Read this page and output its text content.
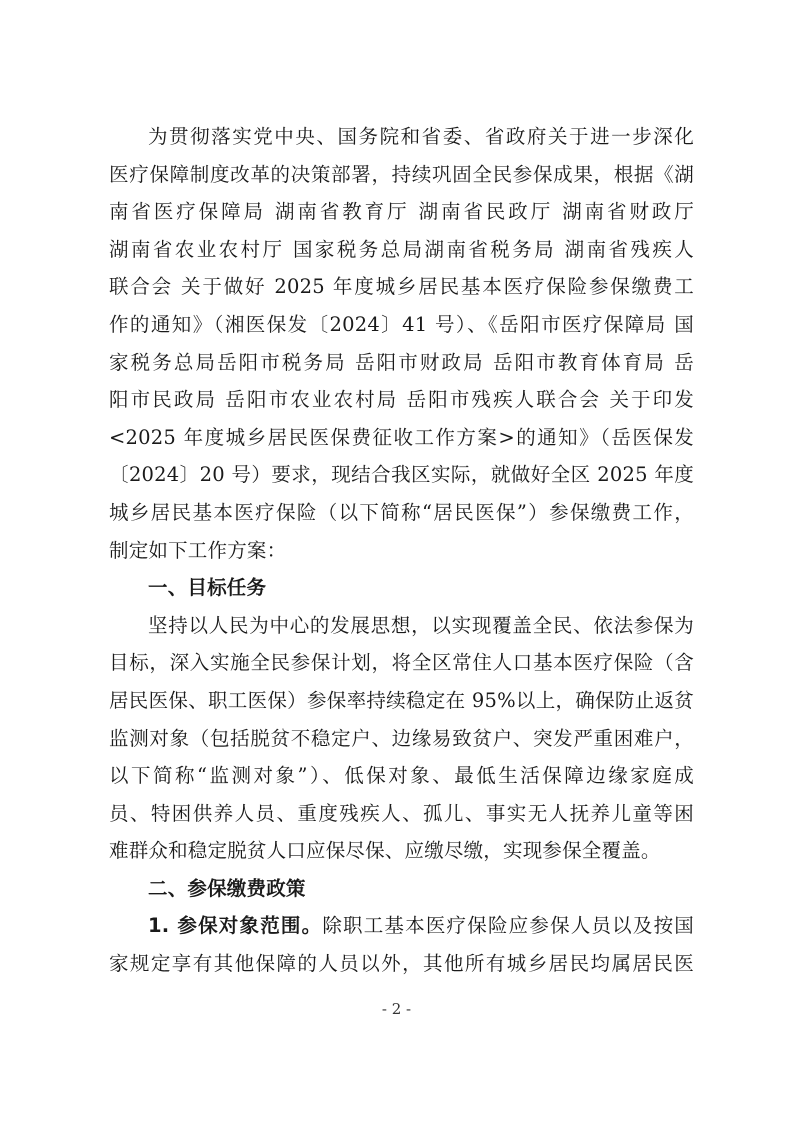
为贯彻落实党中央、国务院和省委、省政府关于进一步深化
医疗保障制度改革的决策部署，持续巩固全民参保成果，根据《湖
南省医疗保障局 湖南省教育厅 湖南省民政厅 湖南省财政厅
湖南省农业农村厅 国家税务总局湖南省税务局 湖南省残疾人
联合会 关于做好 2025 年度城乡居民基本医疗保险参保缴费工
作的通知》（湘医保发〔2024〕41 号）、《岳阳市医疗保障局 国
家税务总局岳阳市税务局 岳阳市财政局 岳阳市教育体育局 岳
阳市民政局 岳阳市农业农村局 岳阳市残疾人联合会 关于印发
<2025 年度城乡居民医保费征收工作方案>的通知》（岳医保发
〔2024〕20 号）要求，现结合我区实际，就做好全区 2025 年度
城乡居民基本医疗保险（以下简称“居民医保”）参保缴费工作，
制定如下工作方案：
一、目标任务
坚持以人民为中心的发展思想，以实现覆盖全民、依法参保为
目标，深入实施全民参保计划，将全区常住人口基本医疗保险（含
居民医保、职工医保）参保率持续稳定在 95%以上，确保防止返贫
监测对象（包括脱贫不稳定户、边缘易致贫户、突发严重困难户，
以下简称“监测对象”）、低保对象、最低生活保障边缘家庭成
员、特困供养人员、重度残疾人、孤儿、事实无人抚养儿童等困
难群众和稳定脱贫人口应保尽保、应缴尽缴，实现参保全覆盖。
二、参保缴费政策
1. 参保对象范围。除职工基本医疗保险应参保人员以及按国
家规定享有其他保障的人员以外，其他所有城乡居民均属居民医
- 2 -
